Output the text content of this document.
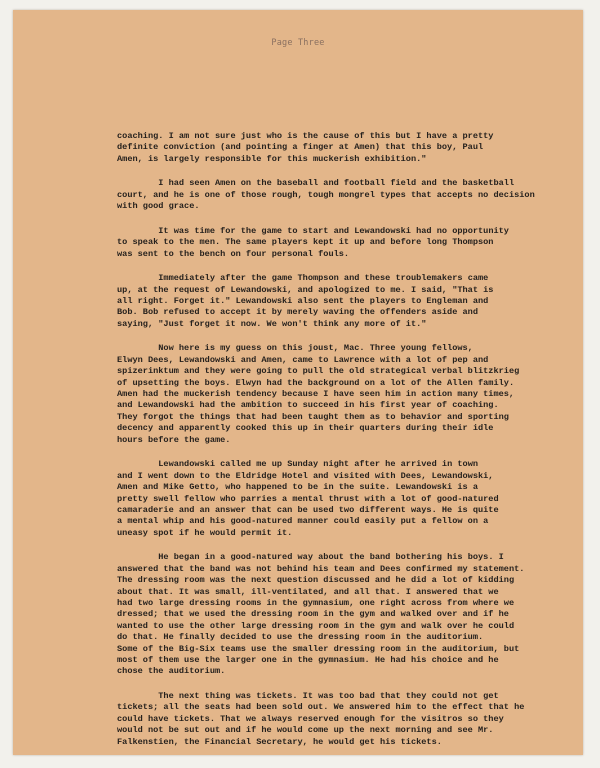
Page Three

coaching. I am not sure just who is the cause of this but I have a pretty
definite conviction (and pointing a finger at Amen) that this boy, Paul
Amen, is largely responsible for this muckerish exhibition."

I had seen Amen on the baseball and football field and the basketball
court, and he is one of those rough, tough mongrel types that accepts no decision
with good grace.

It was time for the game to start and Lewandowski had no opportunity
to speak to the men. The same players kept it up and before long Thompson
was sent to the bench on four personal fouls.

Immediately after the game Thompson and these troublemakers came
up, at the request of Lewandowski, and apologized to me. I said, "That is
all right. Forget it." Lewandowski also sent the players to Engleman and
Bob. Bob refused to accept it by merely waving the offenders aside and
saying, "Just forget it now. We won't think any more of it."

Now here is my guess on this joust, Mac. Three young fellows,
Elwyn Dees, Lewandowski and Amen, came to Lawrence with a lot of pep and
spizerinktum and they were going to pull the old strategical verbal blitzkrieg
of upsetting the boys. Elwyn had the background on a lot of the Allen family.
Amen had the muckerish tendency because I have seen him in action many times,
and Lewandowski had the ambition to succeed in his first year of coaching.
They forgot the things that had been taught them as to behavior and sporting
decency and apparently cooked this up in their quarters during their idle
hours before the game.

Lewandowski called me up Sunday night after he arrived in town
and I went down to the Eldridge Hotel and visited with Dees, Lewandowski,
Amen and Mike Getto, who happened to be in the suite. Lewandowski is a
pretty swell fellow who parries a mental thrust with a lot of good-natured
camaraderie and an answer that can be used two different ways. He is quite
a mental whip and his good-natured manner could easily put a fellow on a
uneasy spot if he would permit it.

He began in a good-natured way about the band bothering his boys. I
answered that the band was not behind his team and Dees confirmed my statement.
The dressing room was the next question discussed and he did a lot of kidding
about that. It was small, ill-ventilated, and all that. I answered that we
had two large dressing rooms in the gymnasium, one right across from where we
dressed; that we used the dressing room in the gym and walked over and if he
wanted to use the other large dressing room in the gym and walk over he could
do that. He finally decided to use the dressing room in the auditorium.
Some of the Big-Six teams use the smaller dressing room in the auditorium, but
most of them use the larger one in the gymnasium. He had his choice and he
chose the auditorium.

The next thing was tickets. It was too bad that they could not get
tickets; all the seats had been sold out. We answered him to the effect that he
could have tickets. That we always reserved enough for the visitros so they
would not be sut out and if he would come up the next morning and see Mr.
Falkenstien, the Financial Secretary, he would get his tickets.
